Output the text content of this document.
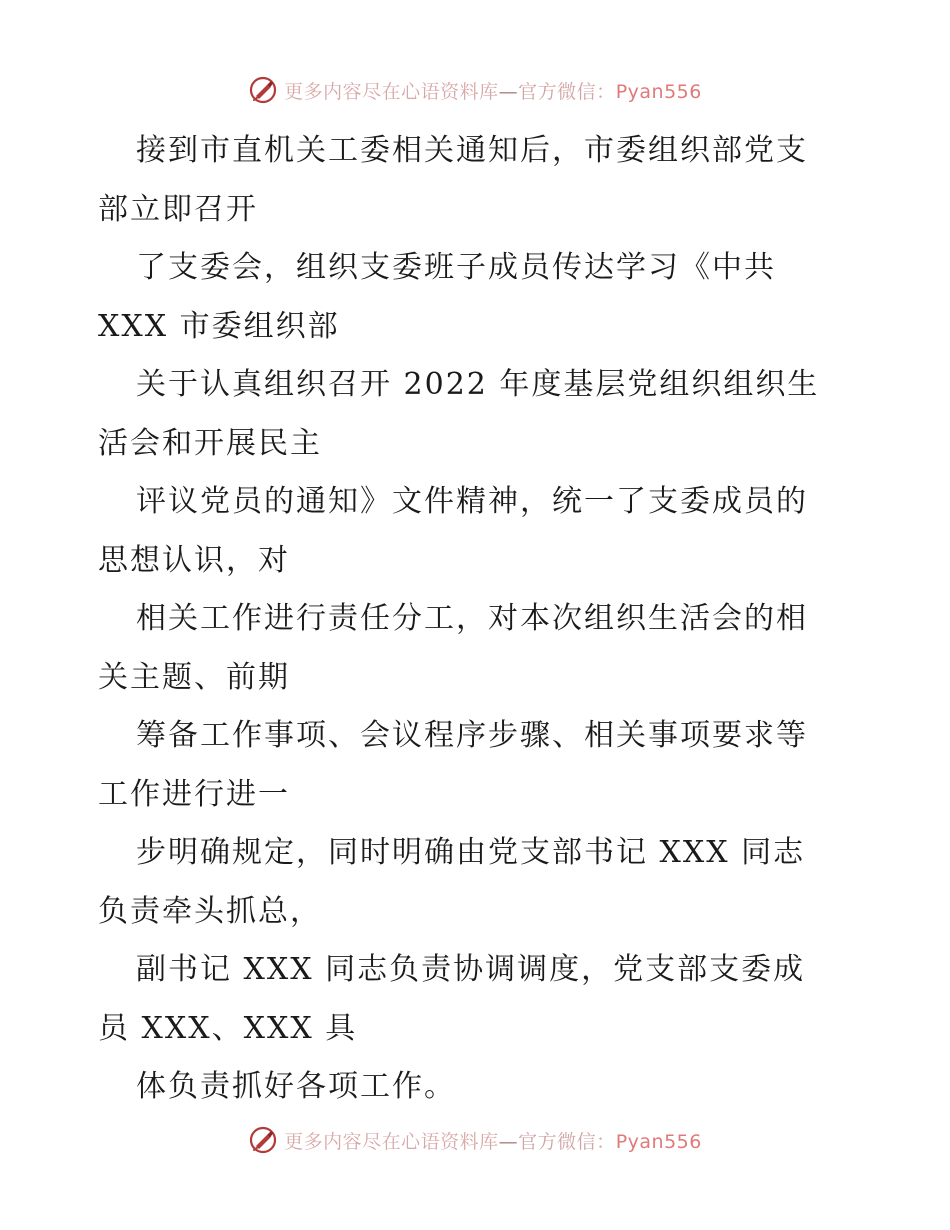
更多内容尽在心语资料库—官方微信：Pyan556

接到市直机关工委相关通知后，市委组织部党支
部立即召开

了支委会，组织支委班子成员传达学习《中共
XXX 市委组织部

关于认真组织召开 2022 年度基层党组织组织生
活会和开展民主

评议党员的通知》文件精神，统一了支委成员的
思想认识，对

相关工作进行责任分工，对本次组织生活会的相
关主题、前期

筹备工作事项、会议程序步骤、相关事项要求等
工作进行进一

步明确规定，同时明确由党支部书记 XXX 同志
负责牵头抓总，

副书记 XXX 同志负责协调调度，党支部支委成
员 XXX、XXX 具

体负责抓好各项工作。

更多内容尽在心语资料库—官方微信：Pyan556
